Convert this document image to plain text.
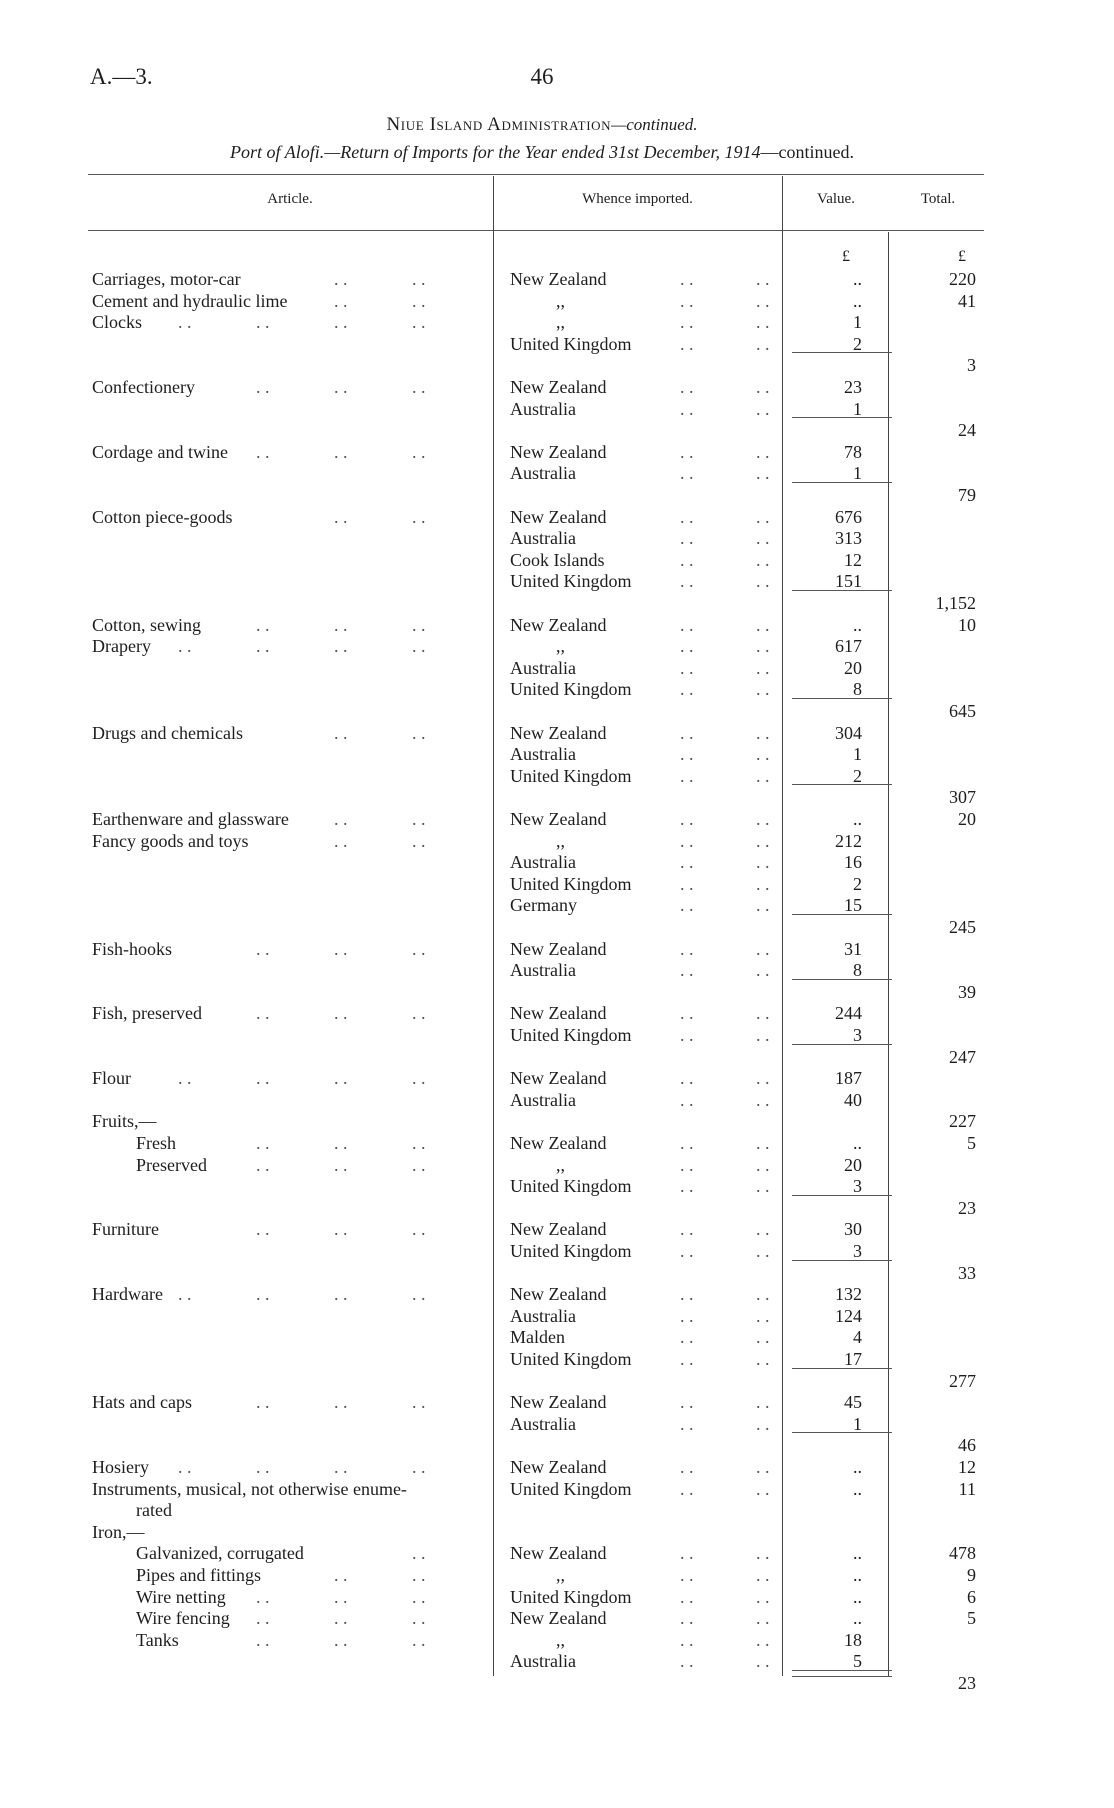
A.—3.	46
Niue Island Administration—continued.
Port of Alofi.—Return of Imports for the Year ended 31st December, 1914—continued.
Article.	Whence imported.	Value.	Total.
£	£
Carriages, motor-car	. .	. .	New Zealand	. .	. .	..	220
Cement and hydraulic lime	. .	. .	,,	. .	. .	..	41
Clocks . .	. .	. .	. .	,,	. .	. .	1
United Kingdom	. .	. .	2
3
Confectionery	. .	. .	. .	New Zealand	. .	. .	23
Australia	. .	. .	1
24
Cordage and twine . .	. .	. .	New Zealand	. .	. .	78
Australia	. .	. .	1
79
Cotton piece-goods	. .	. .	New Zealand	. .	. .	676
Australia	. .	. .	313
Cook Islands	. .	. .	12
United Kingdom	. .	. .	151
1,152
Cotton, sewing	. .	. .	. .	New Zealand	. .	. .	..	10
Drapery . .	. .	. .	. .	,,	. .	. .	617
Australia	. .	. .	20
United Kingdom	. .	. .	8
645
Drugs and chemicals	. .	. .	New Zealand	. .	. .	304
Australia	. .	. .	1
United Kingdom	. .	. .	2
307
Earthenware and glassware	. .	. .	New Zealand	. .	. .	..	20
Fancy goods and toys	. .	. .	,,	. .	. .	212
Australia	. .	. .	16
United Kingdom	. .	. .	2
Germany	. .	. .	15
245
Fish-hooks	. .	. .	. .	New Zealand	. .	. .	31
Australia	. .	. .	8
39
Fish, preserved	. .	. .	. .	New Zealand	. .	. .	244
United Kingdom	. .	. .	3
247
Flour	. .	. .	. .	. .	New Zealand	. .	. .	187
Australia	. .	. .	40
Fruits,—	227
Fresh	. .	. .	. .	New Zealand	. .	. .	..	5
Preserved	. .	. .	. .	,,	. .	. .	20
United Kingdom	. .	. .	3
23
Furniture	. .	. .	. .	New Zealand	. .	. .	30
United Kingdom	. .	. .	3
33
Hardware . .	. .	. .	. .	New Zealand	. .	. .	132
Australia	. .	. .	124
Malden	. .	. .	4
United Kingdom	. .	. .	17
277
Hats and caps	. .	. .	. .	New Zealand	. .	. .	45
Australia	. .	. .	1
46
Hosiery . .	. .	. .	. .	New Zealand	. .	. .	..	12
Instruments, musical, not otherwise enume-	United Kingdom	. .	. .	..	11
rated
Iron,—
Galvanized, corrugated	. .	New Zealand	. .	. .	..	478
Pipes and fittings	. .	. .	,,	. .	. .	..	9
Wire netting . .	. .	. .	United Kingdom	. .	. .	..	6
Wire fencing . .	. .	. .	New Zealand	. .	. .	..	5
Tanks	. .	. .	. .	,,	. .	. .	18
Australia	. .	. .	5
23
